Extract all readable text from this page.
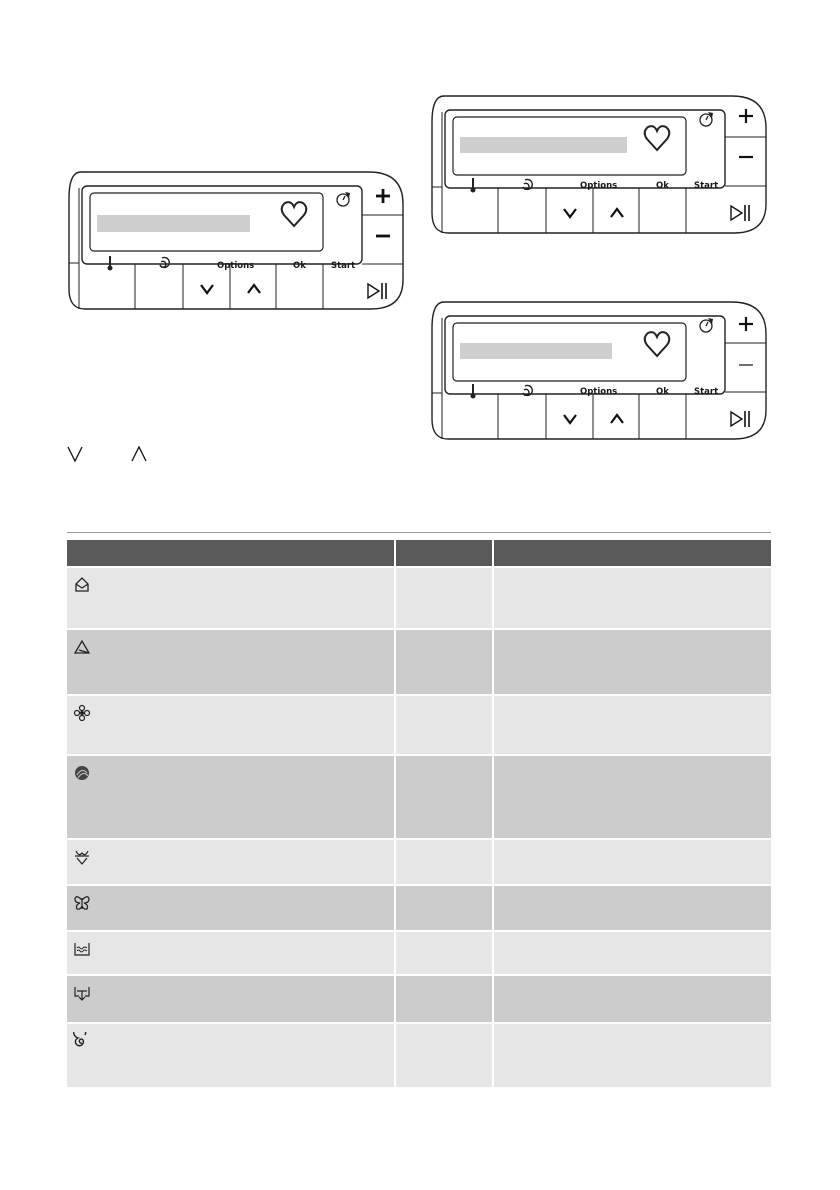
Options	Ok	Start
Options	Ok	Start
Options	Ok	Start
